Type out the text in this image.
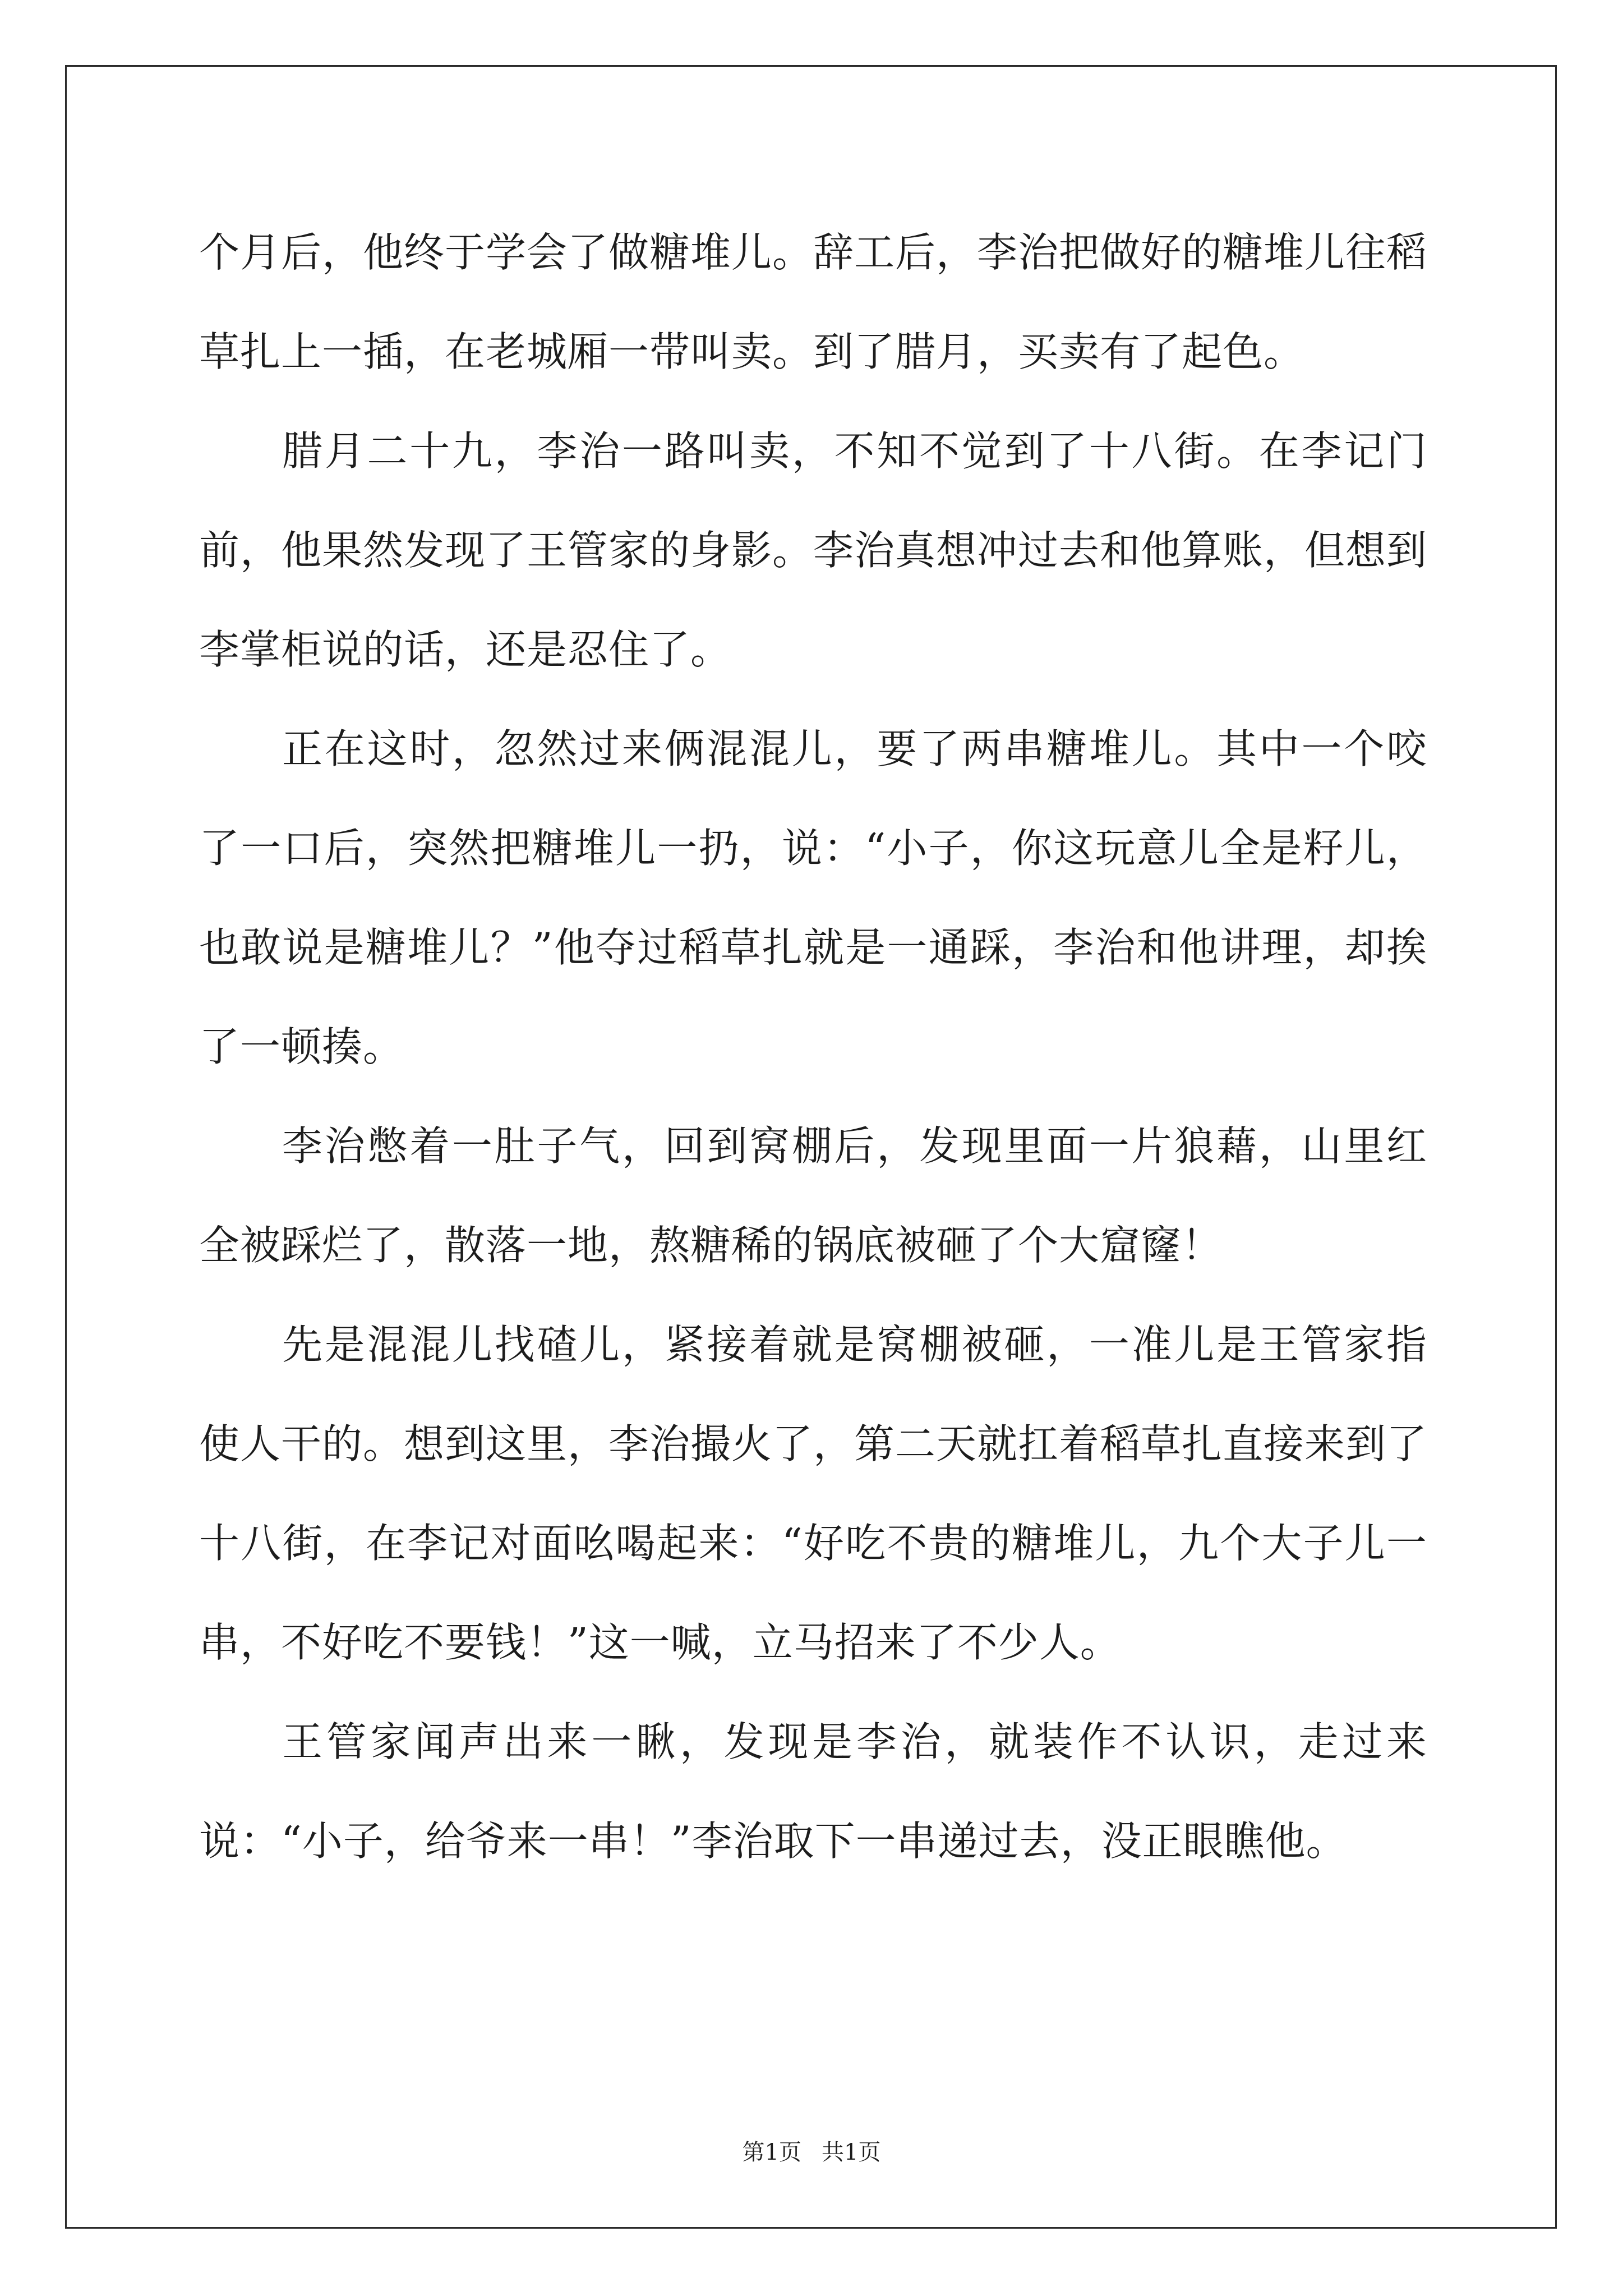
个月后，他终于学会了做糖堆儿。辞工后，李治把做好的糖堆儿往稻草扎上一插，在老城厢一带叫卖。到了腊月，买卖有了起色。

腊月二十九，李治一路叫卖，不知不觉到了十八街。在李记门前，他果然发现了王管家的身影。李治真想冲过去和他算账，但想到李掌柜说的话，还是忍住了。

正在这时，忽然过来俩混混儿，要了两串糖堆儿。其中一个咬了一口后，突然把糖堆儿一扔，说：“小子，你这玩意儿全是籽儿，也敢说是糖堆儿？”他夺过稻草扎就是一通踩，李治和他讲理，却挨了一顿揍。

李治憋着一肚子气，回到窝棚后，发现里面一片狼藉，山里红全被踩烂了，散落一地，熬糖稀的锅底被砸了个大窟窿！

先是混混儿找碴儿，紧接着就是窝棚被砸，一准儿是王管家指使人干的。想到这里，李治撮火了，第二天就扛着稻草扎直接来到了十八街，在李记对面吆喝起来：“好吃不贵的糖堆儿，九个大子儿一串，不好吃不要钱！”这一喊，立马招来了不少人。

王管家闻声出来一瞅，发现是李治，就装作不认识，走过来说：“小子，给爷来一串！”李治取下一串递过去，没正眼瞧他。

第1页 共1页
